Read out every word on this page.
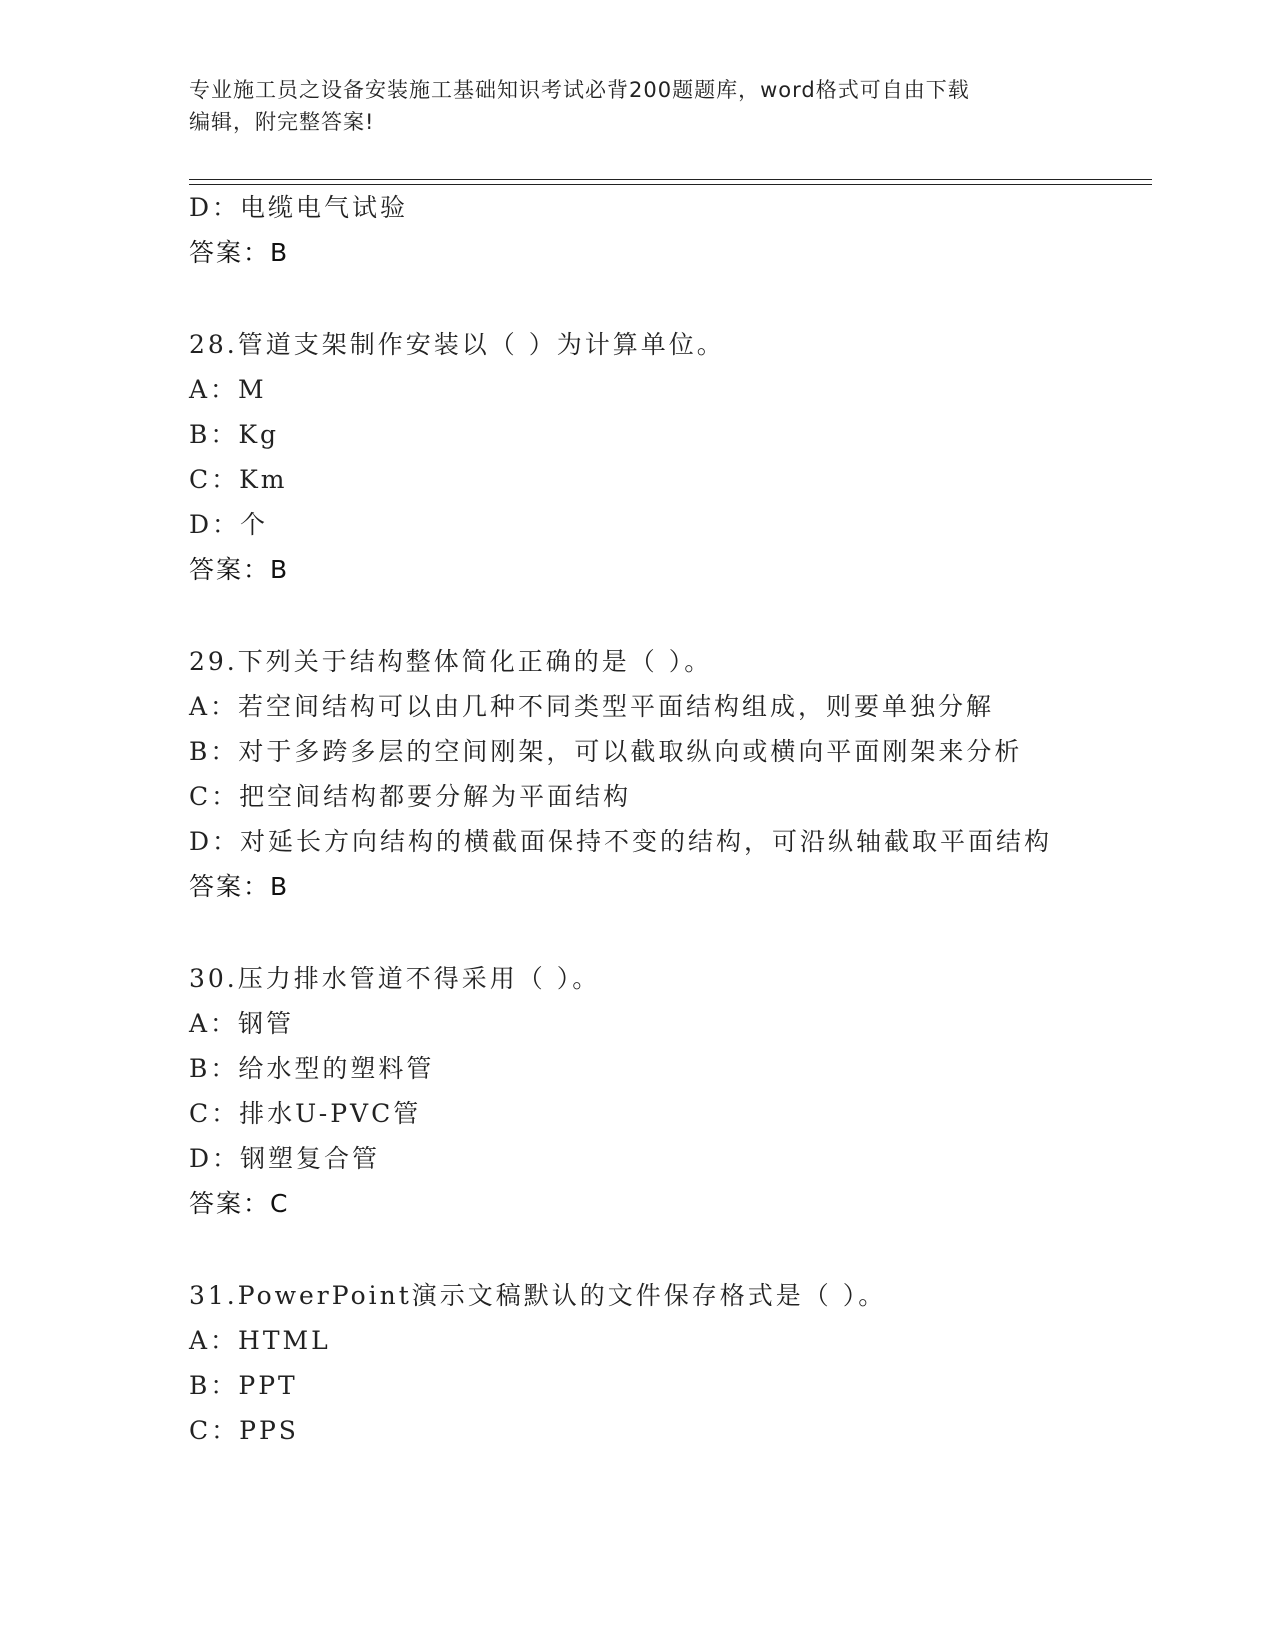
专业施工员之设备安装施工基础知识考试必背200题题库，word格式可自由下载
编辑，附完整答案!
D：电缆电气试验
答案：B
28.管道支架制作安装以（ ）为计算单位。
A：M
B：Kg
C：Km
D：个
答案：B
29.下列关于结构整体简化正确的是（ ）。
A：若空间结构可以由几种不同类型平面结构组成，则要单独分解
B：对于多跨多层的空间刚架，可以截取纵向或横向平面刚架来分析
C：把空间结构都要分解为平面结构
D：对延长方向结构的横截面保持不变的结构，可沿纵轴截取平面结构
答案：B
30.压力排水管道不得采用（ ）。
A：钢管
B：给水型的塑料管
C：排水U-PVC管
D：钢塑复合管
答案：C
31.PowerPoint演示文稿默认的文件保存格式是（ ）。
A：HTML
B：PPT
C：PPS
